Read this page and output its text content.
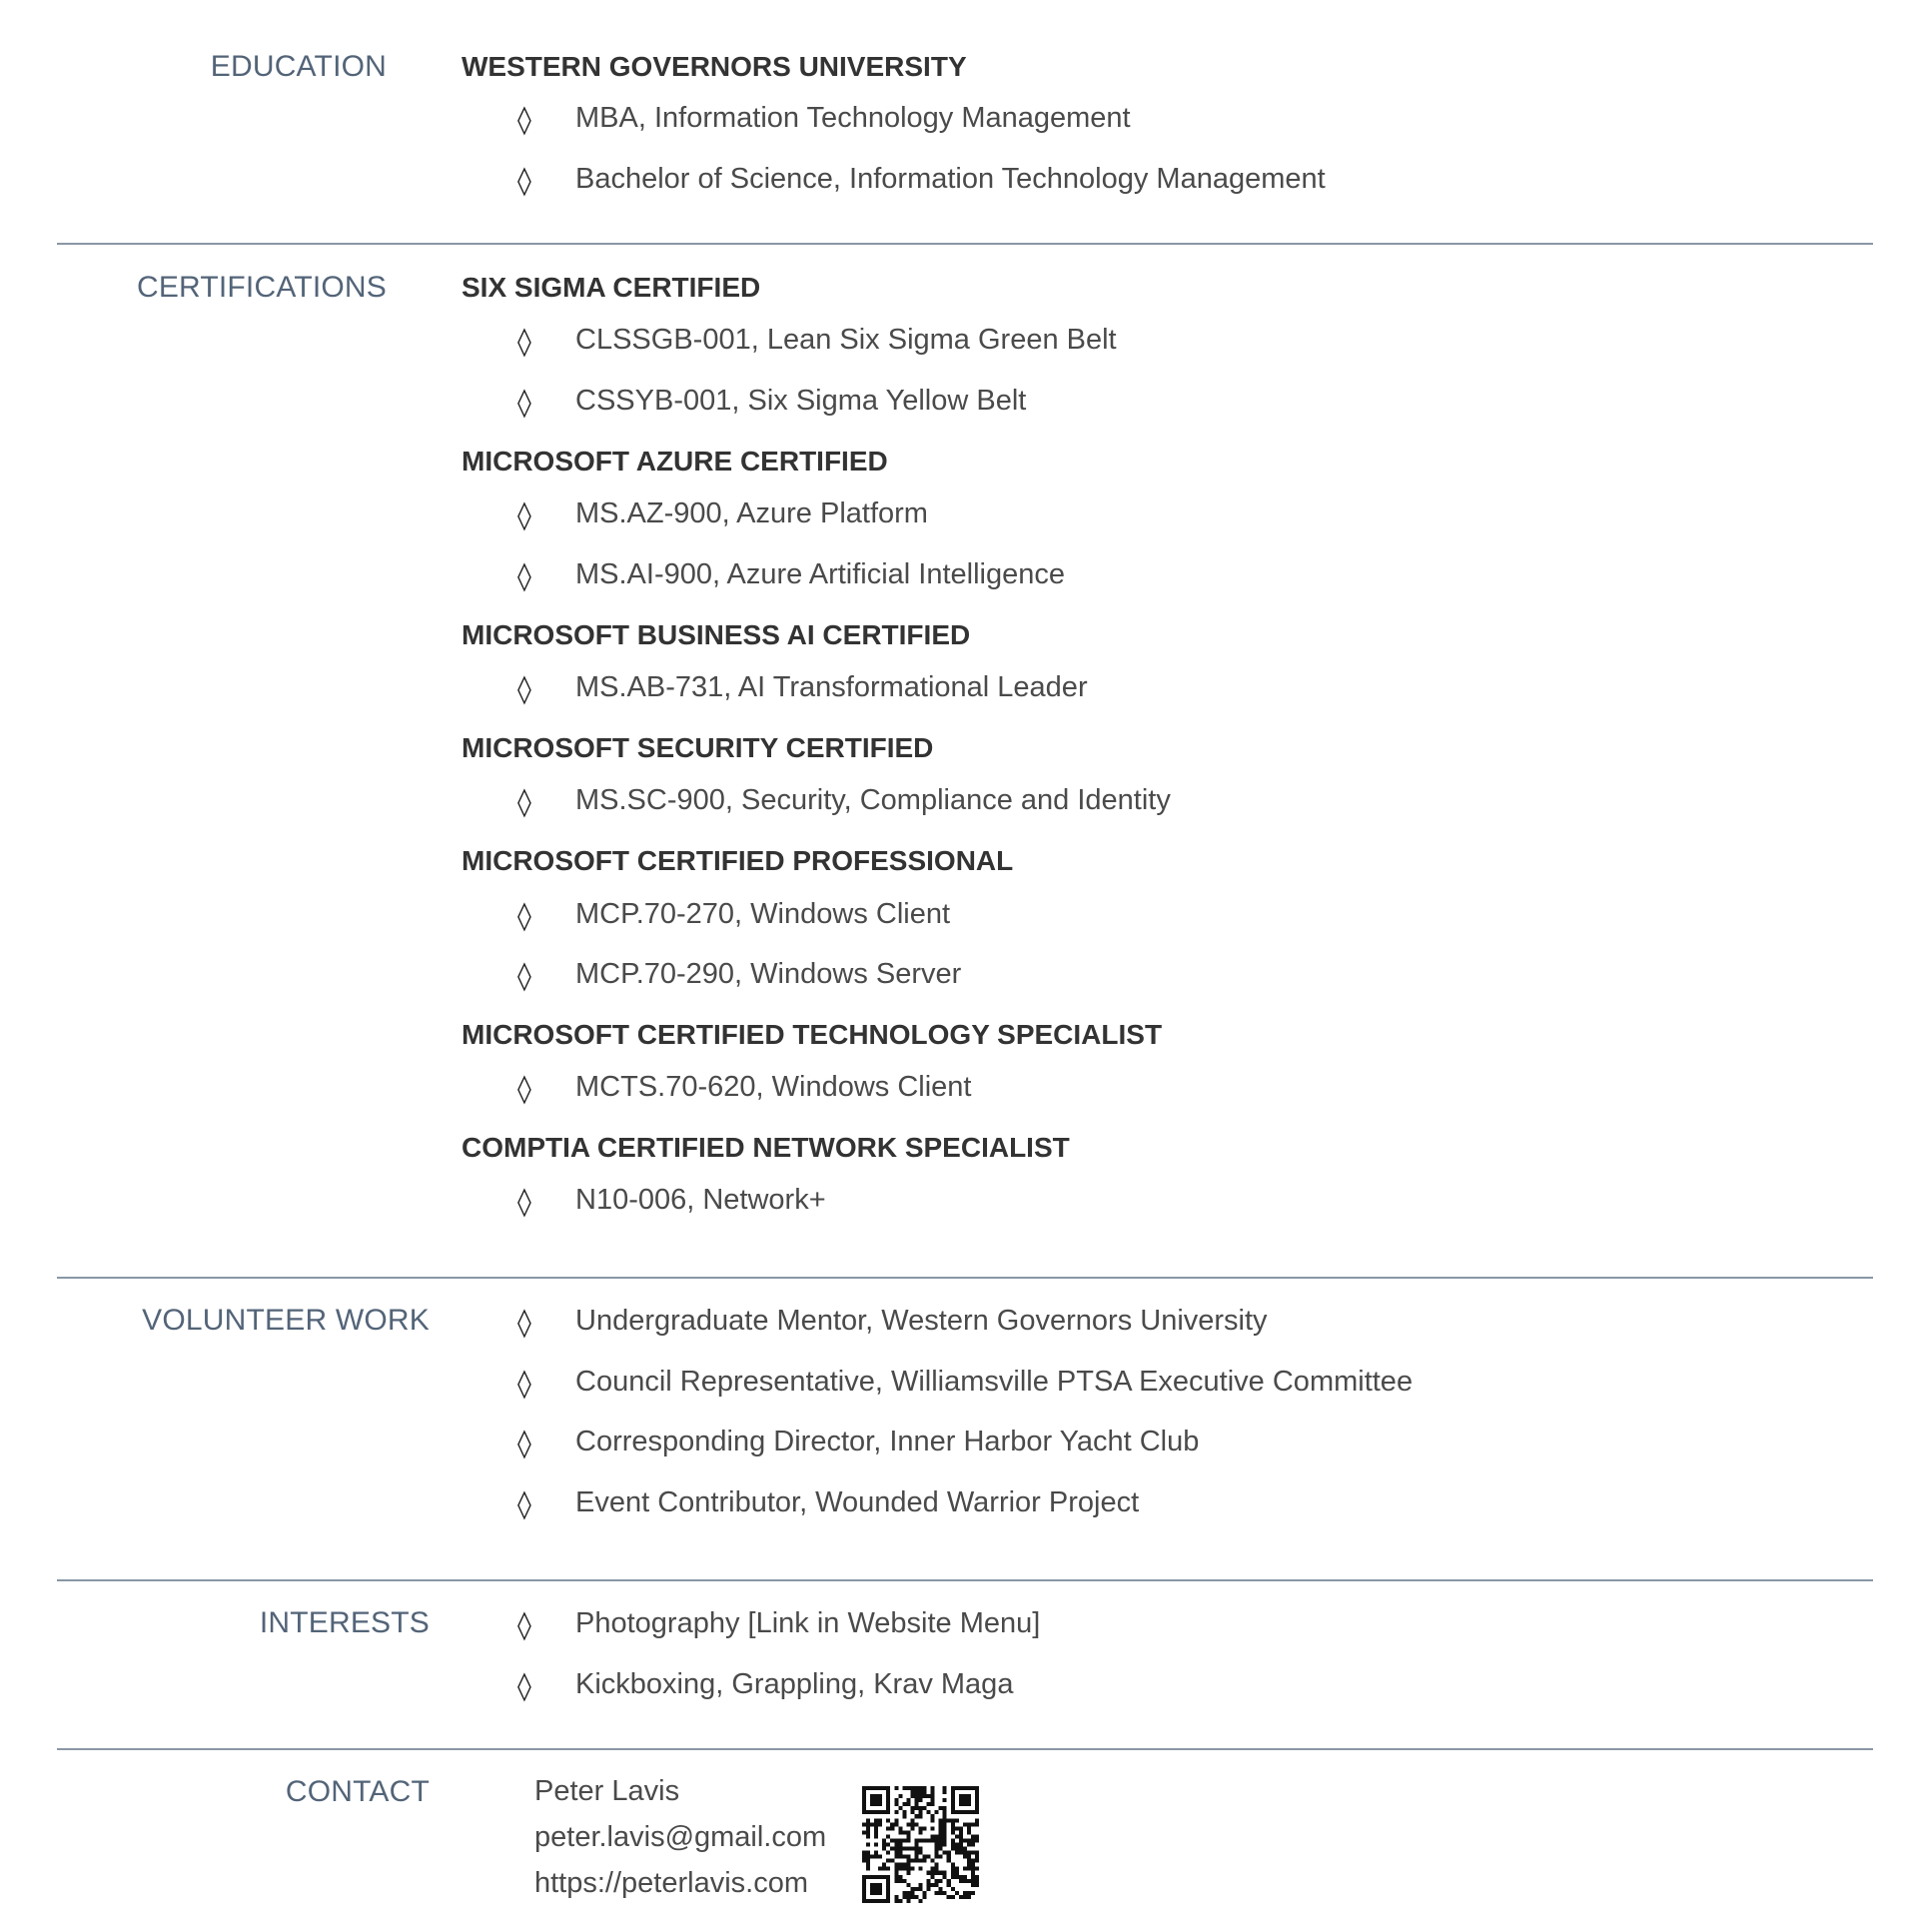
EDUCATION	WESTERN GOVERNORS UNIVERSITY
◊ MBA, Information Technology Management
◊ Bachelor of Science, Information Technology Management
CERTIFICATIONS	SIX SIGMA CERTIFIED
◊ CLSSGB-001, Lean Six Sigma Green Belt
◊ CSSYB-001, Six Sigma Yellow Belt
MICROSOFT AZURE CERTIFIED
◊ MS.AZ-900, Azure Platform
◊ MS.AI-900, Azure Artificial Intelligence
MICROSOFT BUSINESS AI CERTIFIED
◊ MS.AB-731, AI Transformational Leader
MICROSOFT SECURITY CERTIFIED
◊ MS.SC-900, Security, Compliance and Identity
MICROSOFT CERTIFIED PROFESSIONAL
◊ MCP.70-270, Windows Client
◊ MCP.70-290, Windows Server
MICROSOFT CERTIFIED TECHNOLOGY SPECIALIST
◊ MCTS.70-620, Windows Client
COMPTIA CERTIFIED NETWORK SPECIALIST
◊ N10-006, Network+
VOLUNTEER WORK	◊ Undergraduate Mentor, Western Governors University
◊ Council Representative, Williamsville PTSA Executive Committee
◊ Corresponding Director, Inner Harbor Yacht Club
◊ Event Contributor, Wounded Warrior Project
INTERESTS	◊ Photography [Link in Website Menu]
◊ Kickboxing, Grappling, Krav Maga
CONTACT	Peter Lavis
peter.lavis@gmail.com
https://peterlavis.com
